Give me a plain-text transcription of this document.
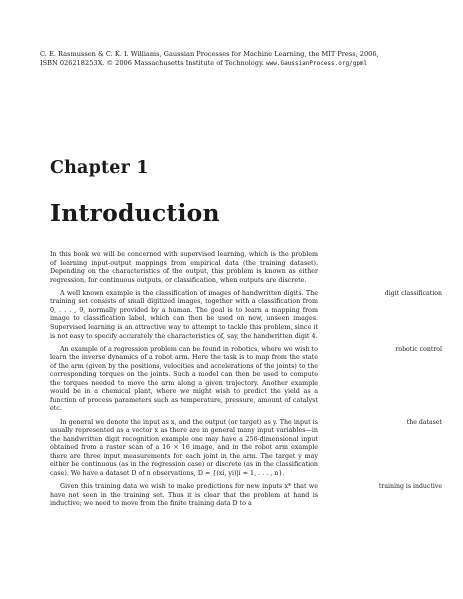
C. E. Rasmussen & C. K. I. Williams, Gaussian Processes for Machine Learning, the MIT Press, 2006,
ISBN 026218253X. © 2006 Massachusetts Institute of Technology. www.GaussianProcess.org/gpml
Chapter 1
Introduction

In this book we will be concerned with supervised learning, which is the problem of learning input-output mappings from empirical data (the training dataset). Depending on the characteristics of the output, this problem is known as either regression, for continuous outputs, or classification, when outputs are discrete.

digit classification
A well known example is the classification of images of handwritten digits. The training set consists of small digitized images, together with a classification from 0, . . . , 9, normally provided by a human. The goal is to learn a mapping from image to classification label, which can then be used on new, unseen images. Supervised learning is an attractive way to attempt to tackle this problem, since it is not easy to specify accurately the characteristics of, say, the handwritten digit 4.

robotic control
An example of a regression problem can be found in robotics, where we wish to learn the inverse dynamics of a robot arm. Here the task is to map from the state of the arm (given by the positions, velocities and accelerations of the joints) to the corresponding torques on the joints. Such a model can then be used to compute the torques needed to move the arm along a given trajectory. Another example would be in a chemical plant, where we might wish to predict the yield as a function of process parameters such as temperature, pressure, amount of catalyst etc.

the dataset
In general we denote the input as x, and the output (or target) as y. The input is usually represented as a vector x as there are in general many input variables—in the handwritten digit recognition example one may have a 256-dimensional input obtained from a raster scan of a 16 × 16 image, and in the robot arm example there are three input measurements for each joint in the arm. The target y may either be continuous (as in the regression case) or discrete (as in the classification case). We have a dataset D of n observations, D = {(xi, yi)|i = 1, . . . , n}.

training is inductive
Given this training data we wish to make predictions for new inputs x* that we have not seen in the training set. Thus it is clear that the problem at hand is inductive; we need to move from the finite training data D to a
